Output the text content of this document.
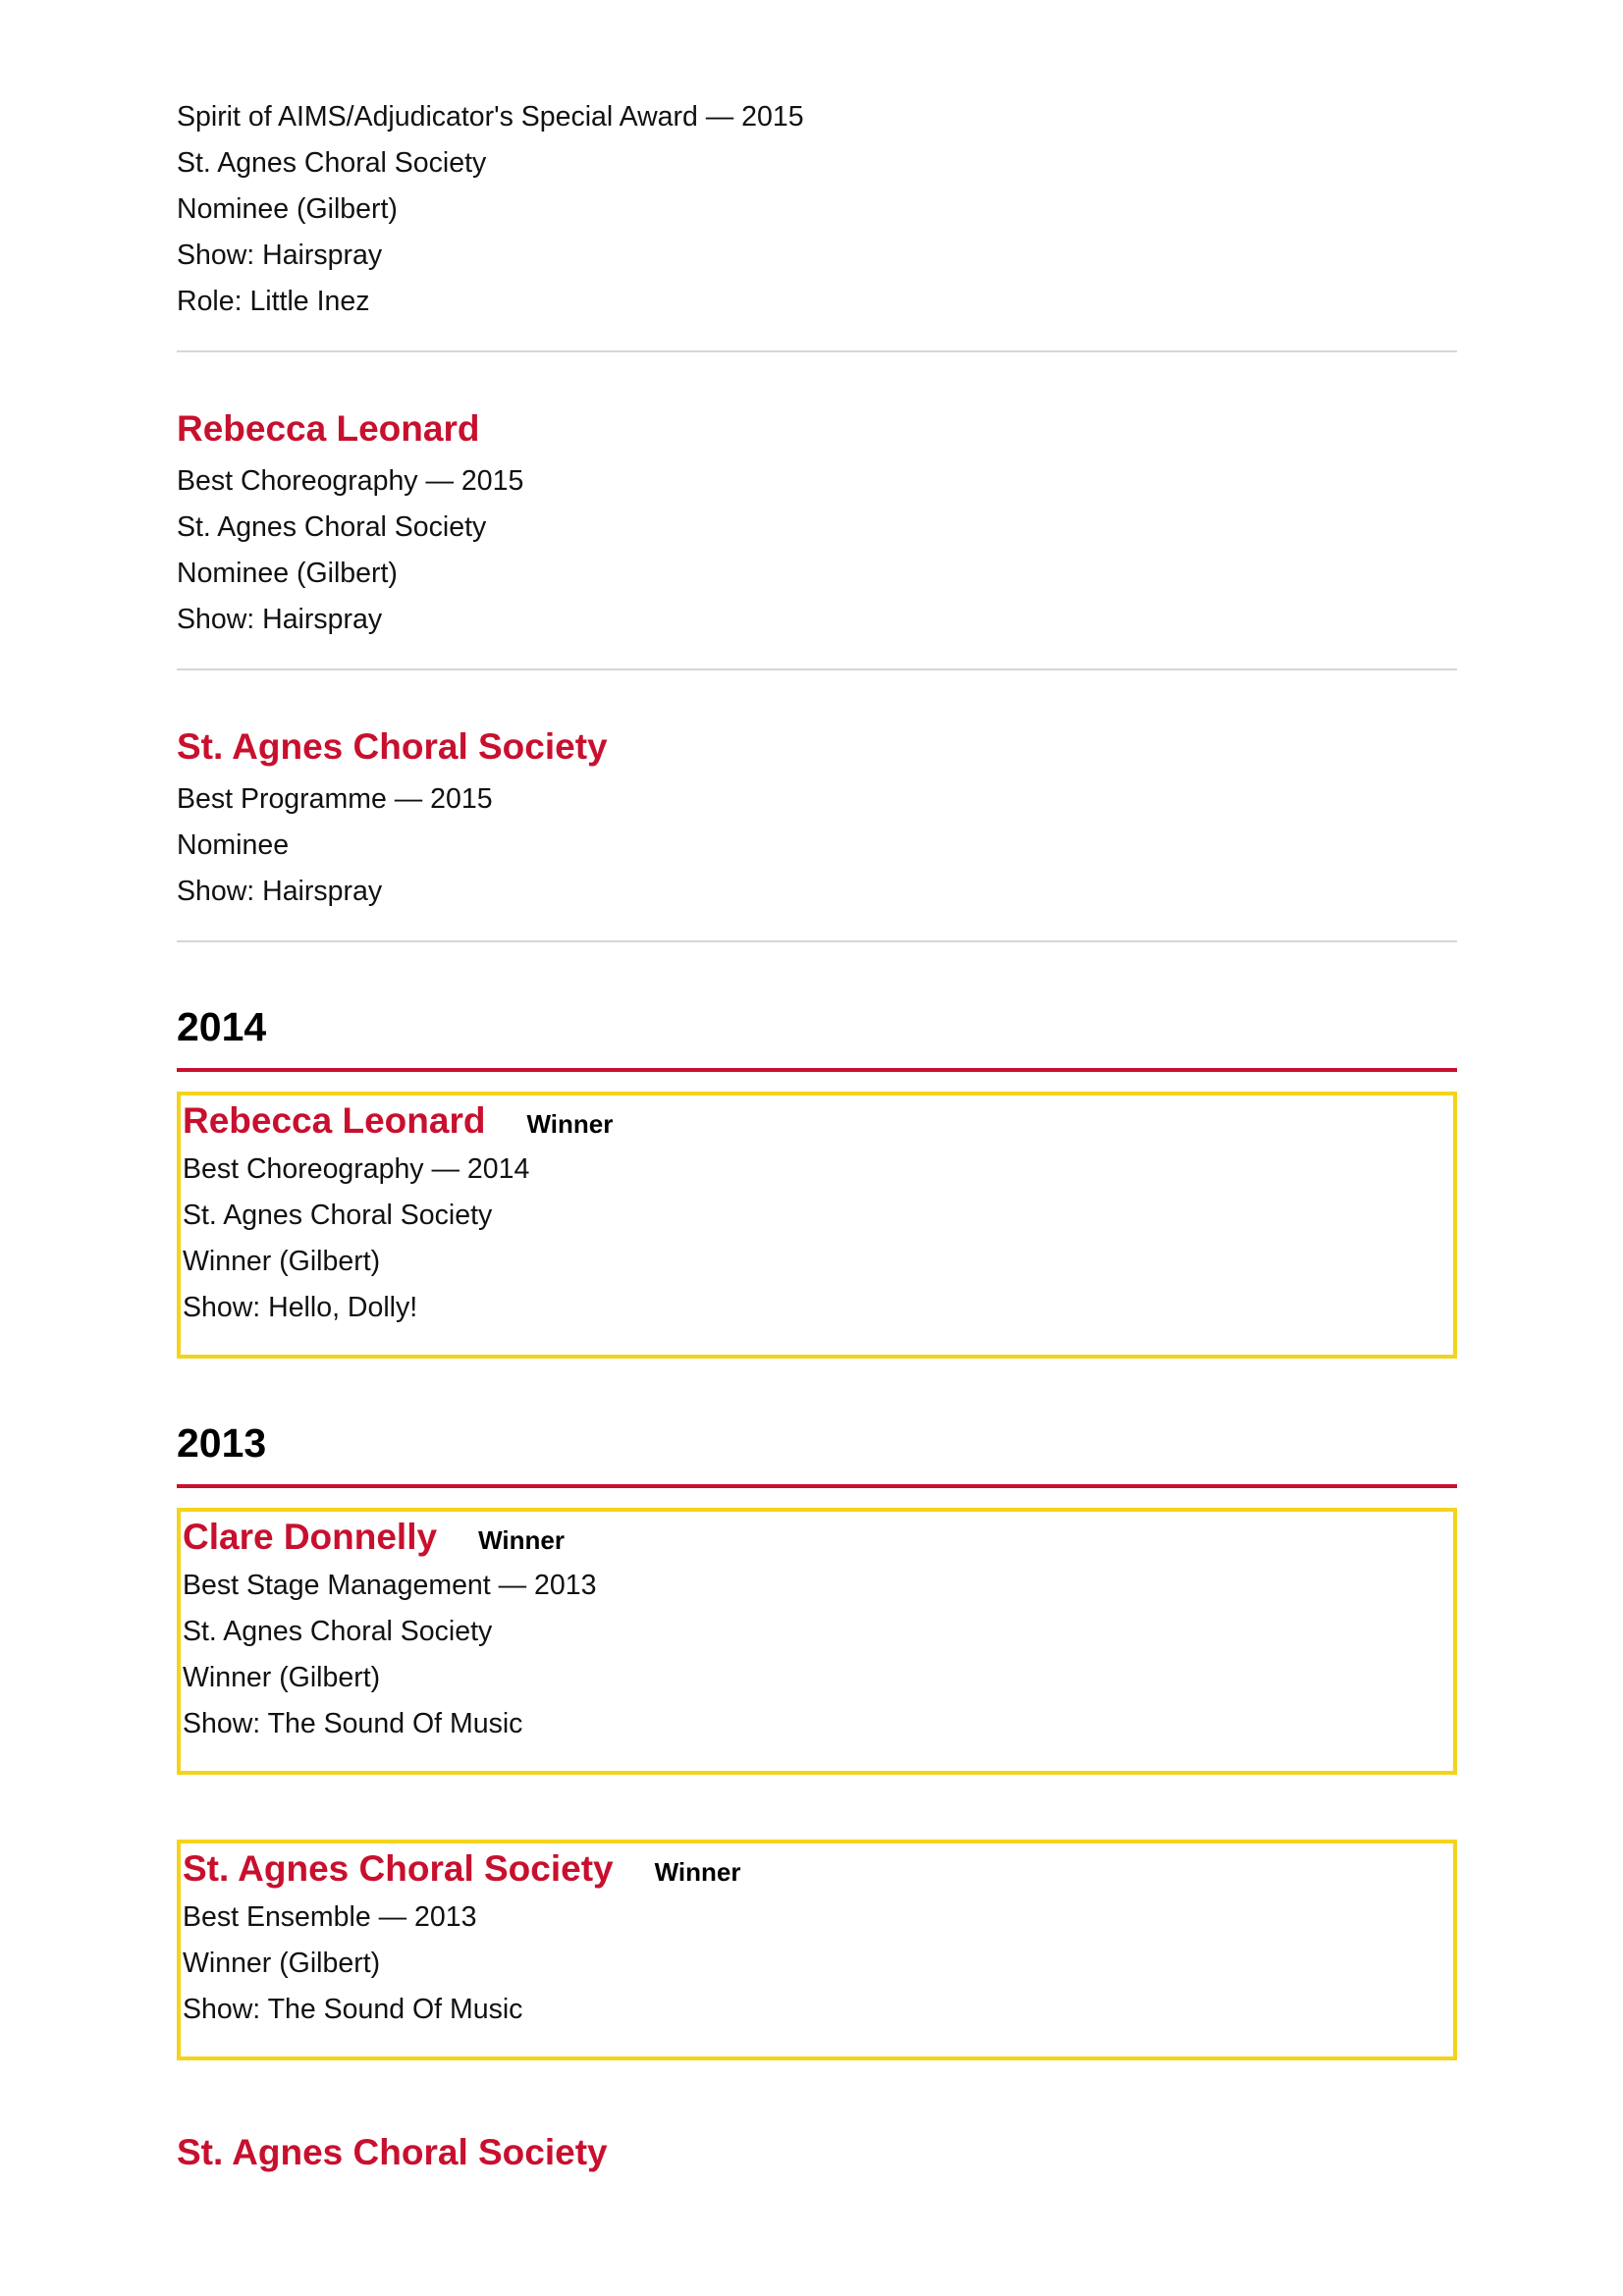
Spirit of AIMS/Adjudicator's Special Award — 2015
St. Agnes Choral Society
Nominee (Gilbert)
Show: Hairspray
Role: Little Inez
Rebecca Leonard
Best Choreography — 2015
St. Agnes Choral Society
Nominee (Gilbert)
Show: Hairspray
St. Agnes Choral Society
Best Programme — 2015
Nominee
Show: Hairspray
2014
Rebecca Leonard Winner
Best Choreography — 2014
St. Agnes Choral Society
Winner (Gilbert)
Show: Hello, Dolly!
2013
Clare Donnelly Winner
Best Stage Management — 2013
St. Agnes Choral Society
Winner (Gilbert)
Show: The Sound Of Music
St. Agnes Choral Society Winner
Best Ensemble — 2013
Winner (Gilbert)
Show: The Sound Of Music
St. Agnes Choral Society
